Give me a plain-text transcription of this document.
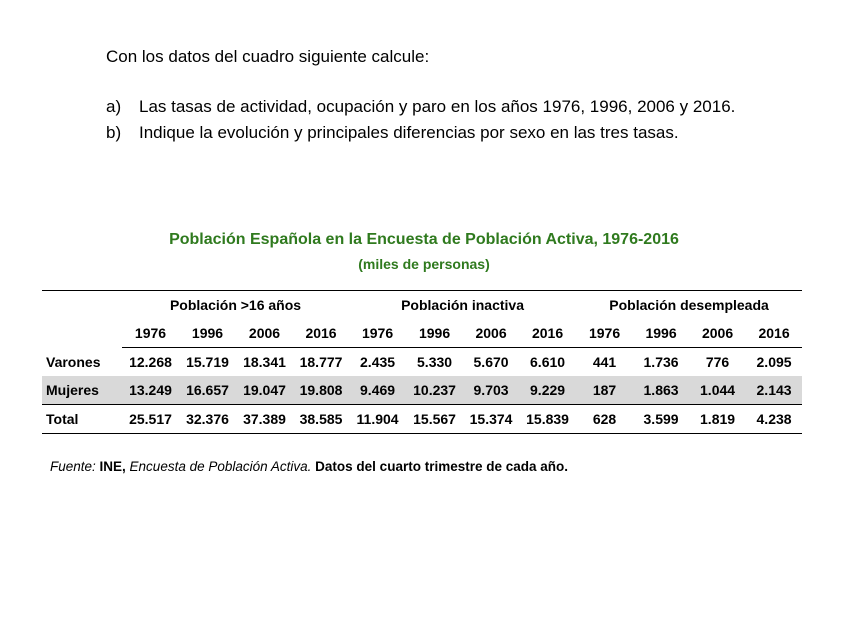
Con los datos del cuadro siguiente calcule:

a)	Las tasas de actividad, ocupación y paro en los años 1976, 1996, 2006 y 2016.
b)	Indique la evolución y principales diferencias por sexo en las tres tasas.
Población Española en la Encuesta de Población Activa, 1976-2016
(miles de personas)
	Población >16 años				Población inactiva				Población desempleada			
	1976	1996	2006	2016	1976	1996	2006	2016	1976	1996	2006	2016
Varones	12.268	15.719	18.341	18.777	2.435	5.330	5.670	6.610	441	1.736	776	2.095
Mujeres	13.249	16.657	19.047	19.808	9.469	10.237	9.703	9.229	187	1.863	1.044	2.143
Total	25.517	32.376	37.389	38.585	11.904	15.567	15.374	15.839	628	3.599	1.819	4.238
Fuente: INE, Encuesta de Población Activa. Datos del cuarto trimestre de cada año.
